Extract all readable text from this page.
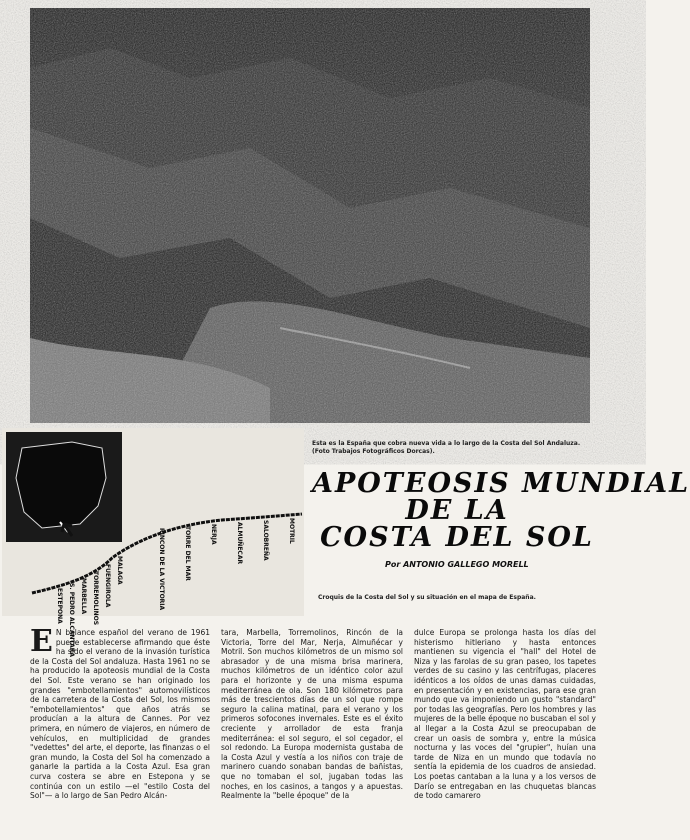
Esta es la España que cobra nueva vida a lo largo de la Costa del Sol Andaluza. (Foto Trabajos Fotográficos Dorcas).
APOTEOSIS MUNDIAL
DE LA
COSTA DEL SOL
Por ANTONIO GALLEGO MORELL
MALAGA
FUENGIROLA
TORREMOLINOS
MARBELLA
S. PEDRO ALCANTARA
ESTEPONA	RINCON DE LA VICTORIA	TORRE DEL MAR	NERJA	ALMUÑECAR	SALOBREÑA	MOTRIL
Croquis de la Costa del Sol y su situación en el mapa de España.
E N balance español del verano de 1961 puede establecerse afirmando que éste ha sido el verano de la invasión turística de la Costa del Sol andaluza. Hasta 1961 no se ha producido la apoteosis mundial de la Costa del Sol. Este verano se han originado los grandes "embotellamientos" automovilísticos de la carretera de la Costa del Sol, los mismos "embotellamientos" que años atrás se producían a la altura de Cannes. Por vez primera, en número de viajeros, en número de vehículos, en multiplicidad de grandes "vedettes" del arte, el deporte, las finanzas o el gran mundo, la Costa del Sol ha comenzado a ganarle la partida a la Costa Azul. Esa gran curva costera se abre en Estepona y se continúa con un estilo —el "estilo Costa del Sol"— a lo largo de San Pedro Alcán-
tara, Marbella, Torremolinos, Rincón de la Victoria, Torre del Mar, Nerja, Almuñécar y Motril. Son muchos kilómetros de un mismo sol abrasador y de una misma brisa marinera, muchos kilómetros de un idéntico color azul para el horizonte y de una misma espuma mediterránea de ola. Son 180 kilómetros para más de trescientos días de un sol que rompe seguro la calina matinal, para el verano y los primeros sofocones invernales. Este es el éxito creciente y arrollador de esta franja mediterránea: el sol seguro, el sol cegador, el sol redondo. La Europa modernista gustaba de la Costa Azul y vestía a los niños con traje de marinero cuando sonaban bandas de bañistas, que no tomaban el sol, jugaban todas las noches, en los casinos, a tangos y a apuestas. Realmente la "belle époque" de la
dulce Europa se prolonga hasta los días del histerismo hitleriano y hasta entonces mantienen su vigencia el "hall" del Hotel de Niza y las farolas de su gran paseo, los tapetes verdes de su casino y las centrífugas, placeres idénticos a los oídos de unas damas cuidadas, en presentación y en existencias, para ese gran mundo que va imponiendo un gusto "standard" por todas las geografías. Pero los hombres y las mujeres de la belle époque no buscaban el sol y al llegar a la Costa Azul se preocupaban de crear un oasis de sombra y, entre la música nocturna y las voces del "grupier", huían una tarde de Niza en un mundo que todavía no sentía la epidemia de los cuadros de ansiedad. Los poetas cantaban a la luna y a los versos de Darío se entregaban en las chuquetas blancas de todo camarero
